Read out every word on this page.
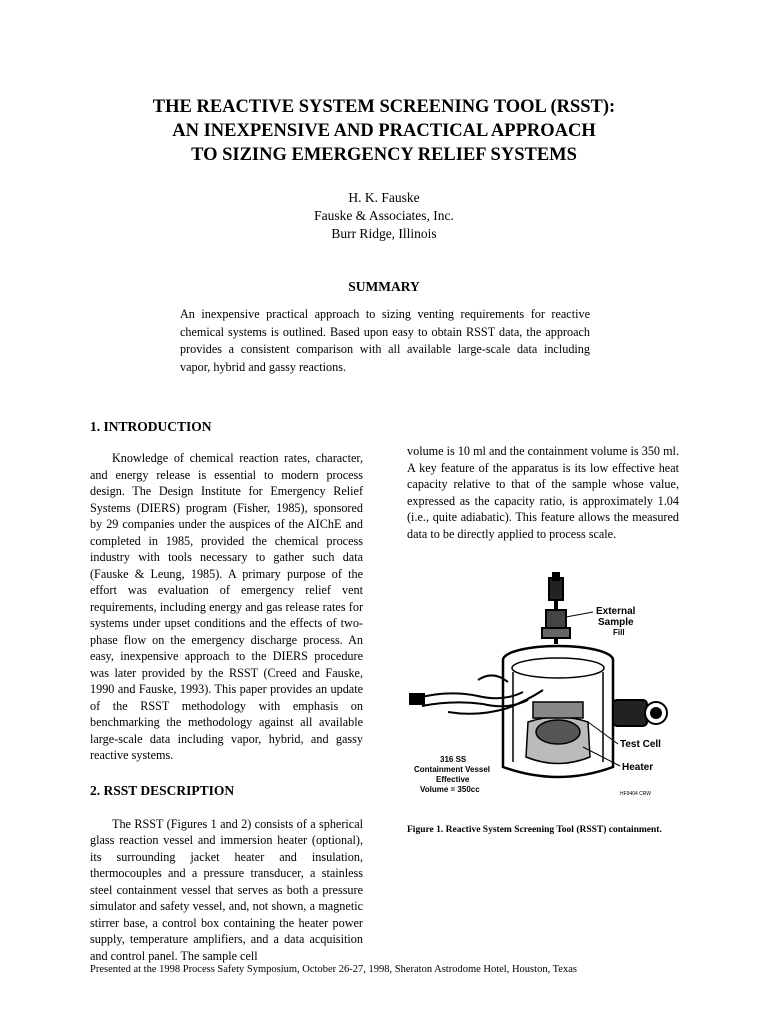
THE REACTIVE SYSTEM SCREENING TOOL (RSST):
AN INEXPENSIVE AND PRACTICAL APPROACH
TO SIZING EMERGENCY RELIEF SYSTEMS
H. K. Fauske
Fauske & Associates, Inc.
Burr Ridge, Illinois
SUMMARY
An inexpensive practical approach to sizing venting requirements for reactive chemical systems is outlined. Based upon easy to obtain RSST data, the approach provides a consistent comparison with all available large-scale data including vapor, hybrid and gassy reactions.
1. INTRODUCTION

Knowledge of chemical reaction rates, character, and energy release is essential to modern process design. The Design Institute for Emergency Relief Systems (DIERS) program (Fisher, 1985), sponsored by 29 companies under the auspices of the AIChE and completed in 1985, provided the chemical process industry with tools necessary to gather such data (Fauske & Leung, 1985). A primary purpose of the effort was evaluation of emergency relief vent requirements, including energy and gas release rates for systems under upset conditions and the effects of two-phase flow on the emergency discharge process. An easy, inexpensive approach to the DIERS procedure was later provided by the RSST (Creed and Fauske, 1990 and Fauske, 1993). This paper provides an update of the RSST methodology with emphasis on benchmarking the methodology against all available large-scale data including vapor, hybrid, and gassy reactive systems.

2. RSST DESCRIPTION

The RSST (Figures 1 and 2) consists of a spherical glass reaction vessel and immersion heater (optional), its surrounding jacket heater and insulation, thermocouples and a pressure transducer, a stainless steel containment vessel that serves as both a pressure simulator and safety vessel, and, not shown, a magnetic stirrer base, a control box containing the heater power supply, temperature amplifiers, and a data acquisition and control panel. The sample cell

volume is 10 ml and the containment volume is 350 ml. A key feature of the apparatus is its low effective heat capacity relative to that of the sample whose value, expressed as the capacity ratio, is approximately 1.04 (i.e., quite adiabatic). This feature allows the measured data to be directly applied to process scale.

External
Sample
Fill
Test Cell
Heater
316 SS
Containment Vessel
Effective
Volume = 350cc	HF9404 CRW
Figure 1. Reactive System Screening Tool (RSST) containment.
Presented at the 1998 Process Safety Symposium, October 26-27, 1998, Sheraton Astrodome Hotel, Houston, Texas
